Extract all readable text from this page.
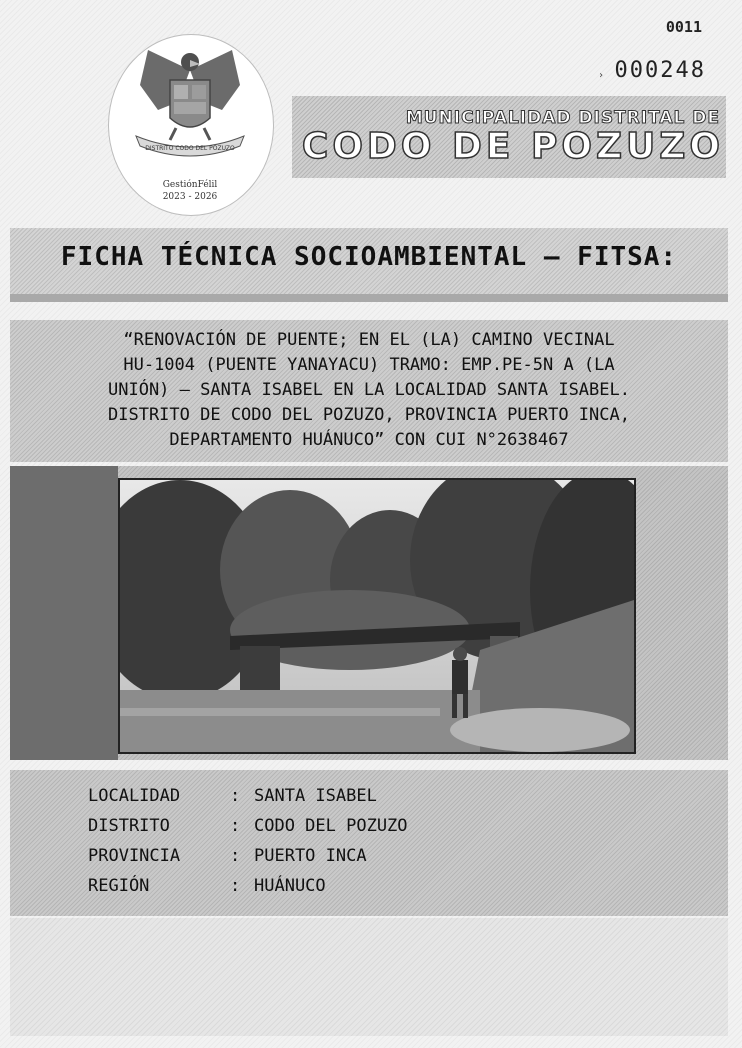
0011
› 000248
DISTRITO CODO DEL POZUZO
GestiónFélil
2023 - 2026
MUNICIPALIDAD DISTRITAL DE
CODO DE POZUZO
FICHA TÉCNICA SOCIOAMBIENTAL – FITSA:
“RENOVACIÓN DE PUENTE; EN EL (LA) CAMINO VECINAL
HU-1004 (PUENTE YANAYACU) TRAMO: EMP.PE-5N A (LA
UNIÓN) – SANTA ISABEL EN LA LOCALIDAD SANTA ISABEL.
DISTRITO DE CODO DEL POZUZO, PROVINCIA PUERTO INCA,
DEPARTAMENTO HUÁNUCO” CON CUI N°2638467
LOCALIDAD	: SANTA ISABEL
DISTRITO	: CODO DEL POZUZO
PROVINCIA	: PUERTO INCA
REGIÓN	: HUÁNUCO
